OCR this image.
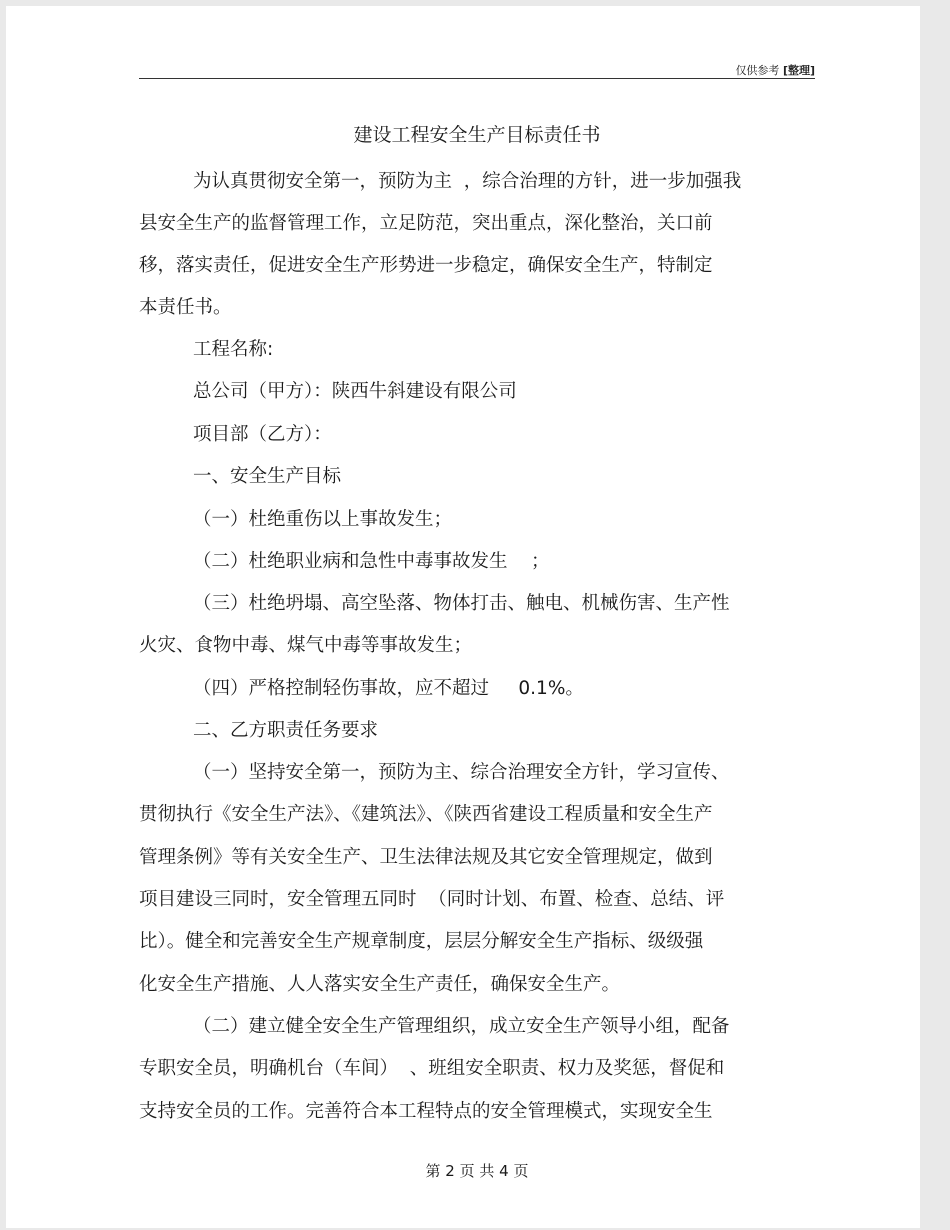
仅供参考 [整理]
建设工程安全生产目标责任书
为认真贯彻安全第一，预防为主  ，综合治理的方针，进一步加强我
县安全生产的监督管理工作，立足防范，突出重点，深化整治，关口前
移，落实责任，促进安全生产形势进一步稳定，确保安全生产，特制定
本责任书。
工程名称:
总公司（甲方）：陕西牛斜建设有限公司
项目部（乙方）：
一、安全生产目标
（一）杜绝重伤以上事故发生；
（二）杜绝职业病和急性中毒事故发生    ；
（三）杜绝坍塌、高空坠落、物体打击、触电、机械伤害、生产性
火灾、食物中毒、煤气中毒等事故发生；
（四）严格控制轻伤事故，应不超过     0.1%。
二、乙方职责任务要求
（一）坚持安全第一，预防为主、综合治理安全方针，学习宣传、
贯彻执行《安全生产法》、《建筑法》、《陕西省建设工程质量和安全生产
管理条例》等有关安全生产、卫生法律法规及其它安全管理规定，做到
项目建设三同时，安全管理五同时  （同时计划、布置、检查、总结、评
比）。健全和完善安全生产规章制度，层层分解安全生产指标、级级强
化安全生产措施、人人落实安全生产责任，确保安全生产。
（二）建立健全安全生产管理组织，成立安全生产领导小组，配备
专职安全员，明确机台（车间）  、班组安全职责、权力及奖惩，督促和
支持安全员的工作。完善符合本工程特点的安全管理模式，实现安全生
第 2 页 共 4 页
